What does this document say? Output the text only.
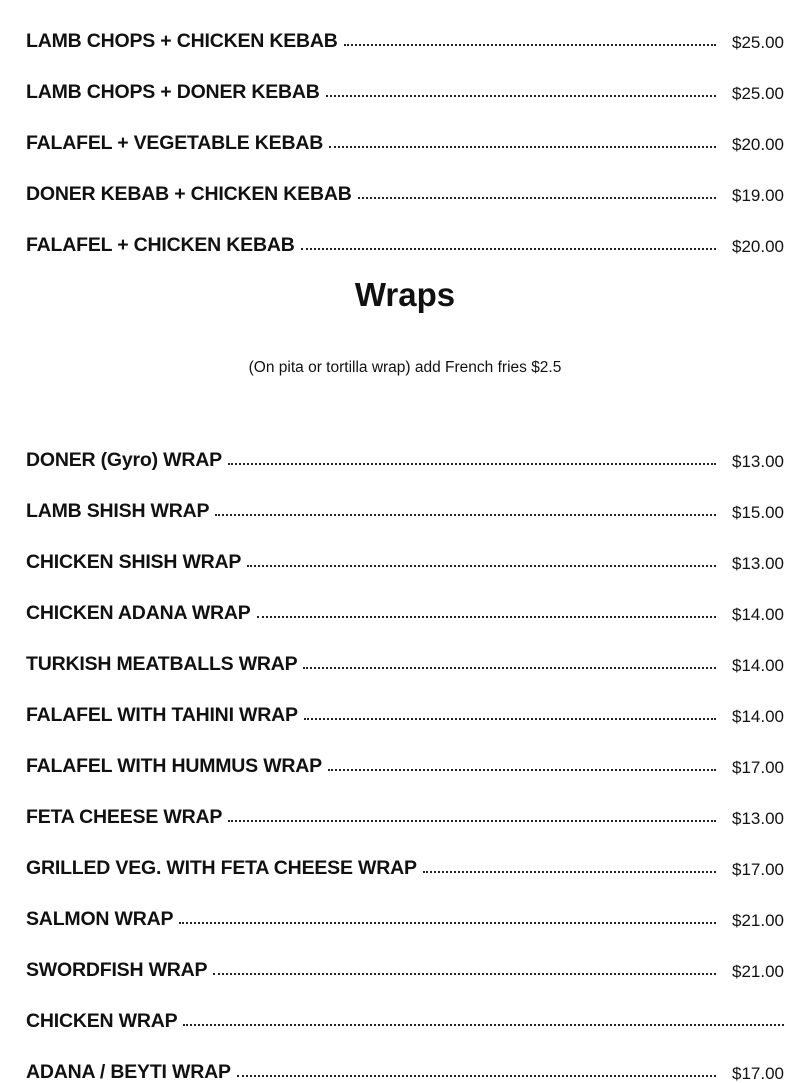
LAMB CHOPS + CHICKEN KEBAB	$25.00
LAMB CHOPS + DONER KEBAB	$25.00
FALAFEL + VEGETABLE KEBAB	$20.00
DONER KEBAB + CHICKEN KEBAB	$19.00
FALAFEL + CHICKEN KEBAB	$20.00
Wraps
(On pita or tortilla wrap) add French fries $2.5
DONER (Gyro) WRAP	$13.00
LAMB SHISH WRAP	$15.00
CHICKEN SHISH WRAP	$13.00
CHICKEN ADANA WRAP	$14.00
TURKISH MEATBALLS WRAP	$14.00
FALAFEL WITH TAHINI WRAP	$14.00
FALAFEL WITH HUMMUS WRAP	$17.00
FETA CHEESE WRAP	$13.00
GRILLED VEG. WITH FETA CHEESE WRAP	$17.00
SALMON WRAP	$21.00
SWORDFISH WRAP	$21.00
CHICKEN WRAP
ADANA / BEYTI WRAP	$17.00
